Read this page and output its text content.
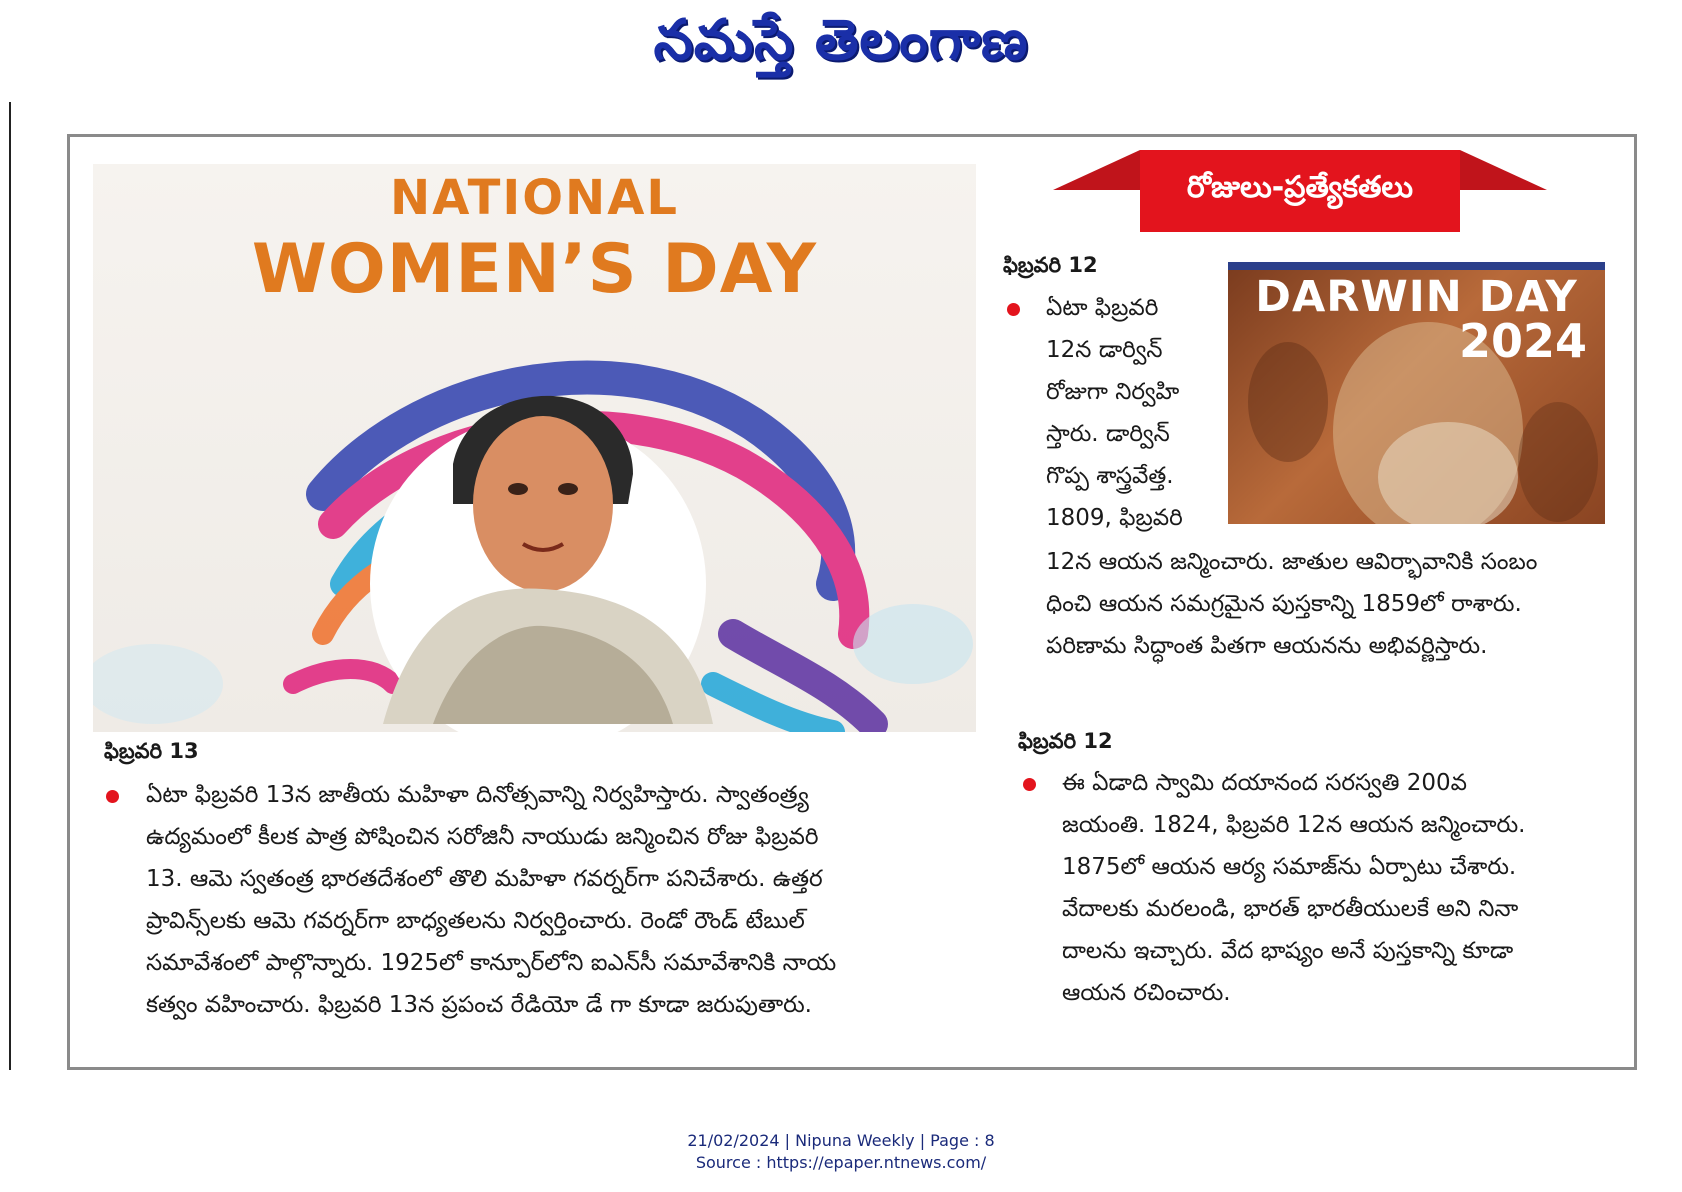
నమస్తే తెలంగాణ
NATIONAL
WOMEN’S DAY
రోజులు-ప్రత్యేకతలు
ఫిబ్రవరి 12
DARWIN DAY
2024
ఏటా ఫిబ్రవరి
12న డార్విన్
రోజుగా నిర్వహి
స్తారు. డార్విన్
గొప్ప శాస్త్రవేత్త.
1809, ఫిబ్రవరి
12న ఆయన జన్మించారు. జాతుల ఆవిర్భావానికి సంబం
ధించి ఆయన సమగ్రమైన పుస్తకాన్ని 1859లో రాశారు.
పరిణామ సిద్ధాంత పితగా ఆయనను అభివర్ణిస్తారు.
ఫిబ్రవరి 13
ఏటా ఫిబ్రవరి 13న జాతీయ మహిళా దినోత్సవాన్ని నిర్వహిస్తారు. స్వాతంత్ర్య
ఉద్యమంలో కీలక పాత్ర పోషించిన సరోజినీ నాయుడు జన్మించిన రోజు ఫిబ్రవరి
13. ఆమె స్వతంత్ర భారతదేశంలో తొలి మహిళా గవర్నర్‌గా పనిచేశారు. ఉత్తర
ప్రావిన్స్‌లకు ఆమె గవర్నర్‌గా బాధ్యతలను నిర్వర్తించారు. రెండో రౌండ్ టేబుల్
సమావేశంలో పాల్గొన్నారు. 1925లో కాన్పూర్‌లోని ఐఎన్‌సీ సమావేశానికి నాయ
కత్వం వహించారు. ఫిబ్రవరి 13న ప్రపంచ రేడియో డే గా కూడా జరుపుతారు.
ఫిబ్రవరి 12
ఈ ఏడాది స్వామి దయానంద సరస్వతి 200వ
జయంతి. 1824, ఫిబ్రవరి 12న ఆయన జన్మించారు.
1875లో ఆయన ఆర్య సమాజ్‌ను ఏర్పాటు చేశారు.
వేదాలకు మరలండి, భారత్ భారతీయులకే అని నినా
దాలను ఇచ్చారు. వేద భాష్యం అనే పుస్తకాన్ని కూడా
ఆయన రచించారు.
21/02/2024 | Nipuna Weekly | Page : 8
Source : https://epaper.ntnews.com/
